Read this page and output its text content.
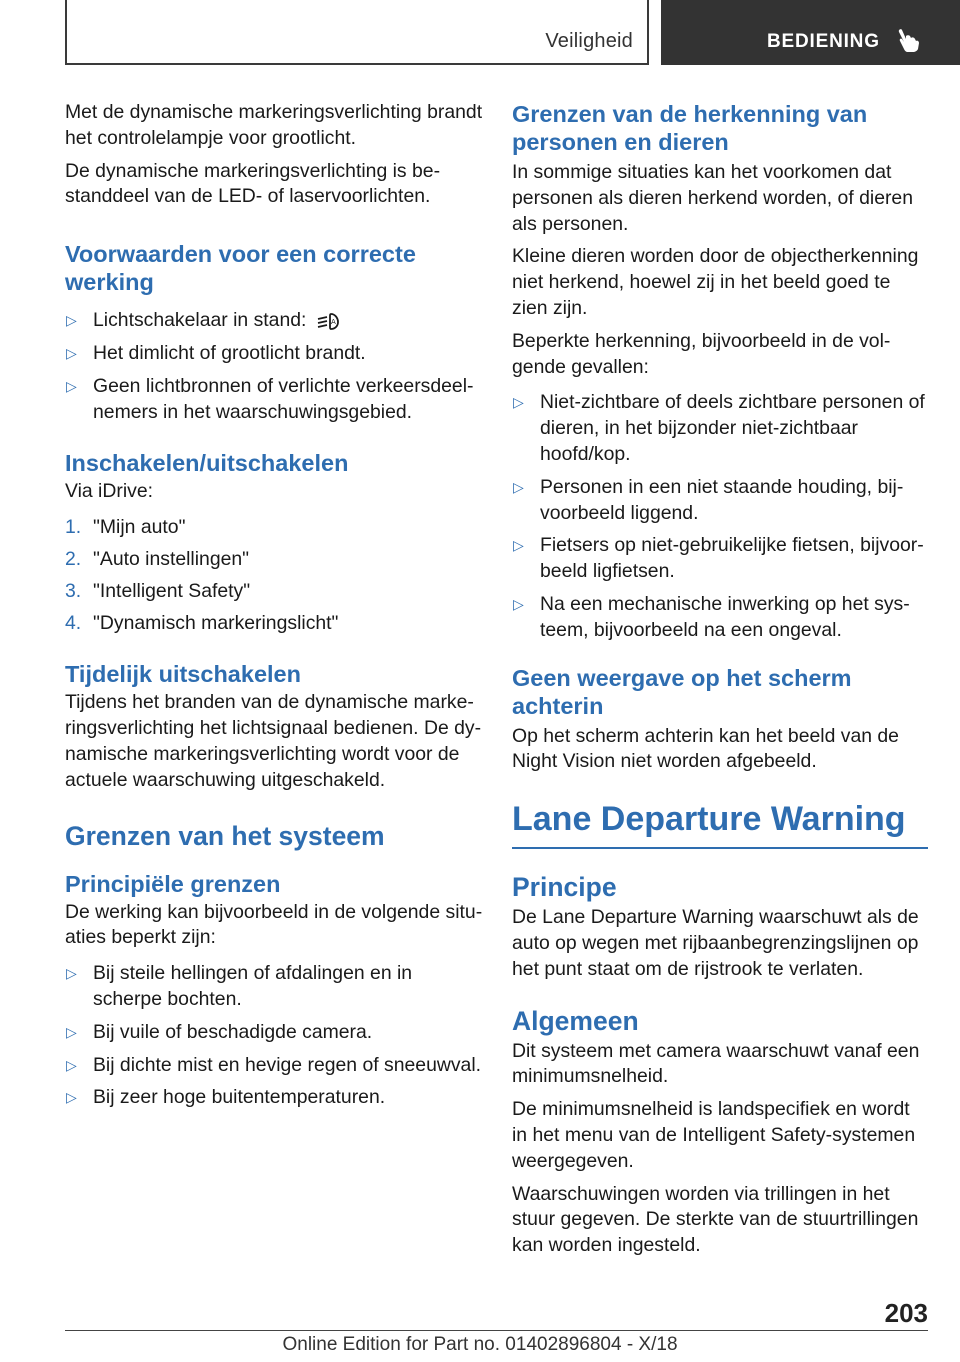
Veiligheid	BEDIENING

Met de dynamische markeringsverlichting brandt het controlelampje voor grootlicht.

De dynamische markeringsverlichting is bestanddeel van de LED- of laservoorlichten.

Voorwaarden voor een correcte werking
▷ Lichtschakelaar in stand:	A
▷ Het dimlicht of grootlicht brandt.
▷ Geen lichtbronnen of verlichte verkeersdeelnemers in het waarschuwingsgebied.
Inschakelen/uitschakelen

Via iDrive:

1. "Mijn auto"
2. "Auto instellingen"
3. "Intelligent Safety"
4. "Dynamisch markeringslicht"
Tijdelijk uitschakelen

Tijdens het branden van de dynamische markeringsverlichting het lichtsignaal bedienen. De dynamische markeringsverlichting wordt voor de actuele waarschuwing uitgeschakeld.

Grenzen van het systeem
Principiële grenzen

De werking kan bijvoorbeeld in de volgende situaties beperkt zijn:

▷ Bij steile hellingen of afdalingen en in scherpe bochten.
▷ Bij vuile of beschadigde camera.
▷ Bij dichte mist en hevige regen of sneeuwval.
▷ Bij zeer hoge buitentemperaturen.
Grenzen van de herkenning van personen en dieren

In sommige situaties kan het voorkomen dat personen als dieren herkend worden, of dieren als personen.

Kleine dieren worden door de objectherkenning niet herkend, hoewel zij in het beeld goed te zien zijn.

Beperkte herkenning, bijvoorbeeld in de volgende gevallen:

▷ Niet-zichtbare of deels zichtbare personen of dieren, in het bijzonder niet-zichtbaar hoofd/kop.
▷ Personen in een niet staande houding, bijvoorbeeld liggend.
▷ Fietsers op niet-gebruikelijke fietsen, bijvoorbeeld ligfietsen.
▷ Na een mechanische inwerking op het systeem, bijvoorbeeld na een ongeval.
Geen weergave op het scherm achterin

Op het scherm achterin kan het beeld van de Night Vision niet worden afgebeeld.

Lane Departure Warning
Principe

De Lane Departure Warning waarschuwt als de auto op wegen met rijbaanbegrenzingslijnen op het punt staat om de rijstrook te verlaten.

Algemeen

Dit systeem met camera waarschuwt vanaf een minimumsnelheid.

De minimumsnelheid is landspecifiek en wordt in het menu van de Intelligent Safety-systemen weergegeven.

Waarschuwingen worden via trillingen in het stuur gegeven. De sterkte van de stuurtrillingen kan worden ingesteld.

203
Online Edition for Part no. 01402896804 - X/18
